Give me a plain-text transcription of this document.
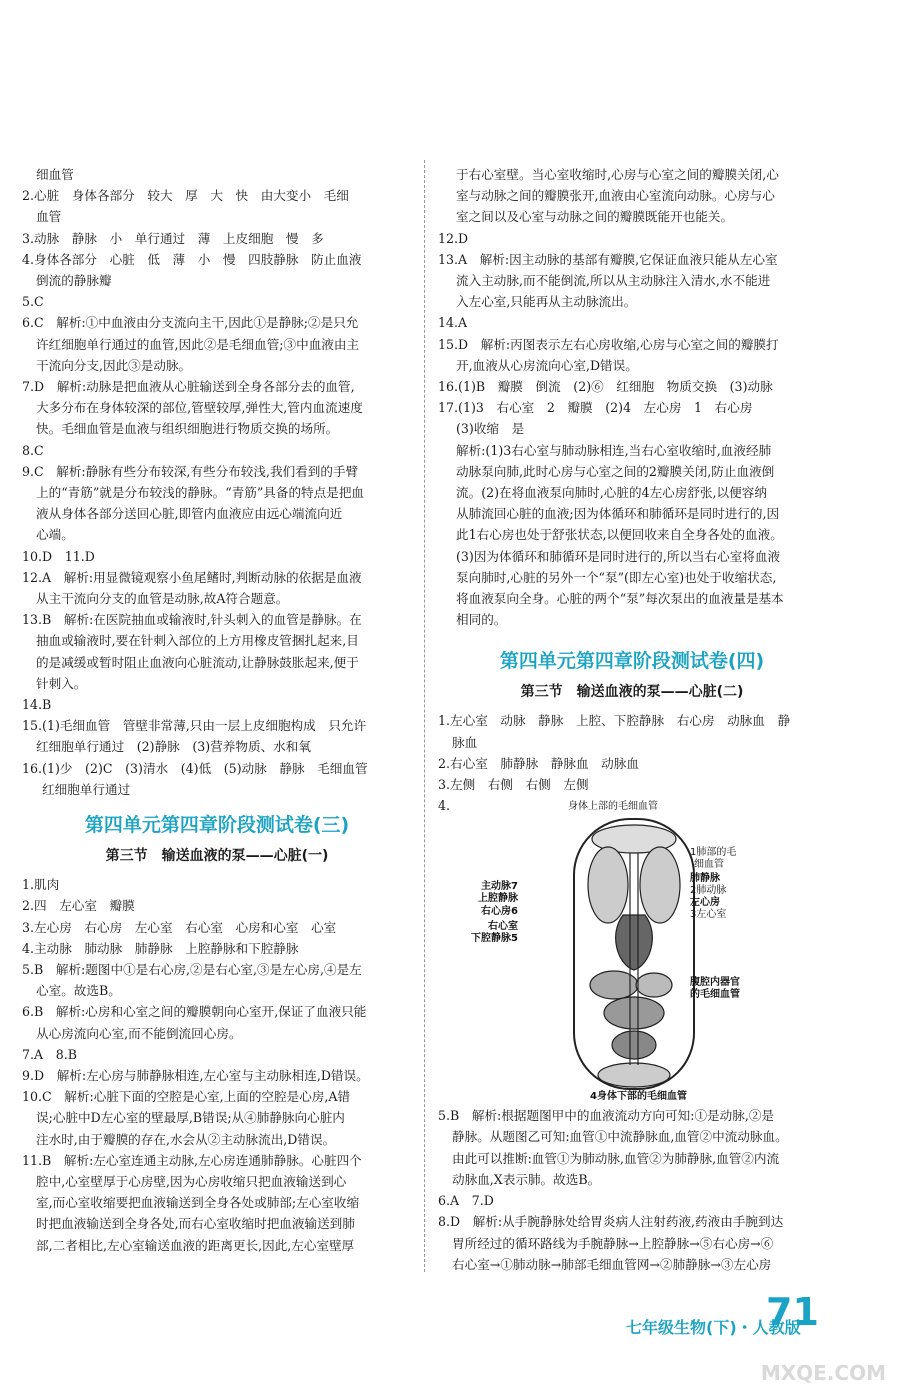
细血管
2.心脏　身体各部分　较大　厚　大　快　由大变小　毛细
血管
3.动脉　静脉　小　单行通过　薄　上皮细胞　慢　多
4.身体各部分　心脏　低　薄　小　慢　四肢静脉　防止血液
倒流的静脉瓣
5.C
6.C　解析:①中血液由分支流向主干,因此①是静脉;②是只允
许红细胞单行通过的血管,因此②是毛细血管;③中血液由主
干流向分支,因此③是动脉。
7.D　解析:动脉是把血液从心脏输送到全身各部分去的血管,
大多分布在身体较深的部位,管壁较厚,弹性大,管内血流速度
快。毛细血管是血液与组织细胞进行物质交换的场所。
8.C
9.C　解析:静脉有些分布较深,有些分布较浅,我们看到的手臂
上的“青筋”就是分布较浅的静脉。“青筋”具备的特点是把血
液从身体各部分送回心脏,即管内血液应由远心端流向近
心端。
10.D　11.D
12.A　解析:用显微镜观察小鱼尾鳍时,判断动脉的依据是血液
从主干流向分支的血管是动脉,故A符合题意。
13.B　解析:在医院抽血或输液时,针头刺入的血管是静脉。在
抽血或输液时,要在针刺入部位的上方用橡皮管捆扎起来,目
的是减缓或暂时阻止血液向心脏流动,让静脉鼓胀起来,便于
针刺入。
14.B
15.(1)毛细血管　管壁非常薄,只由一层上皮细胞构成　只允许
红细胞单行通过　(2)静脉　(3)营养物质、水和氧
16.(1)少　(2)C　(3)清水　(4)低　(5)动脉　静脉　毛细血管
红细胞单行通过
第四单元第四章阶段测试卷(三)
第三节　输送血液的泵——心脏(一)
1.肌肉
2.四　左心室　瓣膜
3.左心房　右心房　左心室　右心室　心房和心室　心室
4.主动脉　肺动脉　肺静脉　上腔静脉和下腔静脉
5.B　解析:题图中①是右心房,②是右心室,③是左心房,④是左
心室。故选B。
6.B　解析:心房和心室之间的瓣膜朝向心室开,保证了血液只能
从心房流向心室,而不能倒流回心房。
7.A　8.B
9.D　解析:左心房与肺静脉相连,左心室与主动脉相连,D错误。
10.C　解析:心脏下面的空腔是心室,上面的空腔是心房,A错
误;心脏中D左心室的壁最厚,B错误;从④肺静脉向心脏内
注水时,由于瓣膜的存在,水会从②主动脉流出,D错误。
11.B　解析:左心室连通主动脉,左心房连通肺静脉。心脏四个
腔中,心室壁厚于心房壁,因为心房收缩只把血液输送到心
室,而心室收缩要把血液输送到全身各处或肺部;左心室收缩
时把血液输送到全身各处,而右心室收缩时把血液输送到肺
部,二者相比,左心室输送血液的距离更长,因此,左心室壁厚
于右心室壁。当心室收缩时,心房与心室之间的瓣膜关闭,心
室与动脉之间的瓣膜张开,血液由心室流向动脉。心房与心
室之间以及心室与动脉之间的瓣膜既能开也能关。
12.D
13.A　解析:因主动脉的基部有瓣膜,它保证血液只能从左心室
流入主动脉,而不能倒流,所以从主动脉注入清水,水不能进
入左心室,只能再从主动脉流出。
14.A
15.D　解析:丙图表示左右心房收缩,心房与心室之间的瓣膜打
开,血液从心房流向心室,D错误。
16.(1)B　瓣膜　倒流　(2)⑥　红细胞　物质交换　(3)动脉
17.(1)3　右心室　2　瓣膜　(2)4　左心房　1　右心房
(3)收缩　是
解析:(1)3右心室与肺动脉相连,当右心室收缩时,血液经肺
动脉泵向肺,此时心房与心室之间的2瓣膜关闭,防止血液倒
流。(2)在将血液泵向肺时,心脏的4左心房舒张,以便容纳
从肺流回心脏的血液;因为体循环和肺循环是同时进行的,因
此1右心房也处于舒张状态,以便回收来自全身各处的血液。
(3)因为体循环和肺循环是同时进行的,所以当右心室将血液
泵向肺时,心脏的另外一个“泵”(即左心室)也处于收缩状态,
将血液泵向全身。心脏的两个“泵”每次泵出的血液量是基本
相同的。
第四单元第四章阶段测试卷(四)
第三节　输送血液的泵——心脏(二)
1.左心室　动脉　静脉　上腔、下腔静脉　右心房　动脉血　静
脉血
2.右心室　肺静脉　静脉血　动脉血
3.左侧　右侧　右侧　左侧
4.	身体上部的毛细血管
主动脉7
上腔静脉
右心房6
右心室
下腔静脉5
1肺部的毛
细血管
肺静脉
2肺动脉
左心房
3左心室
腹腔内器官
的毛细血管
4身体下部的毛细血管
5.B　解析:根据题图甲中的血液流动方向可知:①是动脉,②是
静脉。从题图乙可知:血管①中流静脉血,血管②中流动脉血。
由此可以推断:血管①为肺动脉,血管②为肺静脉,血管②内流
动脉血,X表示肺。故选B。
6.A　7.D
8.D　解析:从手腕静脉处给胃炎病人注射药液,药液由手腕到达
胃所经过的循环路线为手腕静脉→上腔静脉→⑤右心房→⑥
右心室→①肺动脉→肺部毛细血管网→②肺静脉→③左心房
七年级生物(下)・人教版
71
MXQE.COM
